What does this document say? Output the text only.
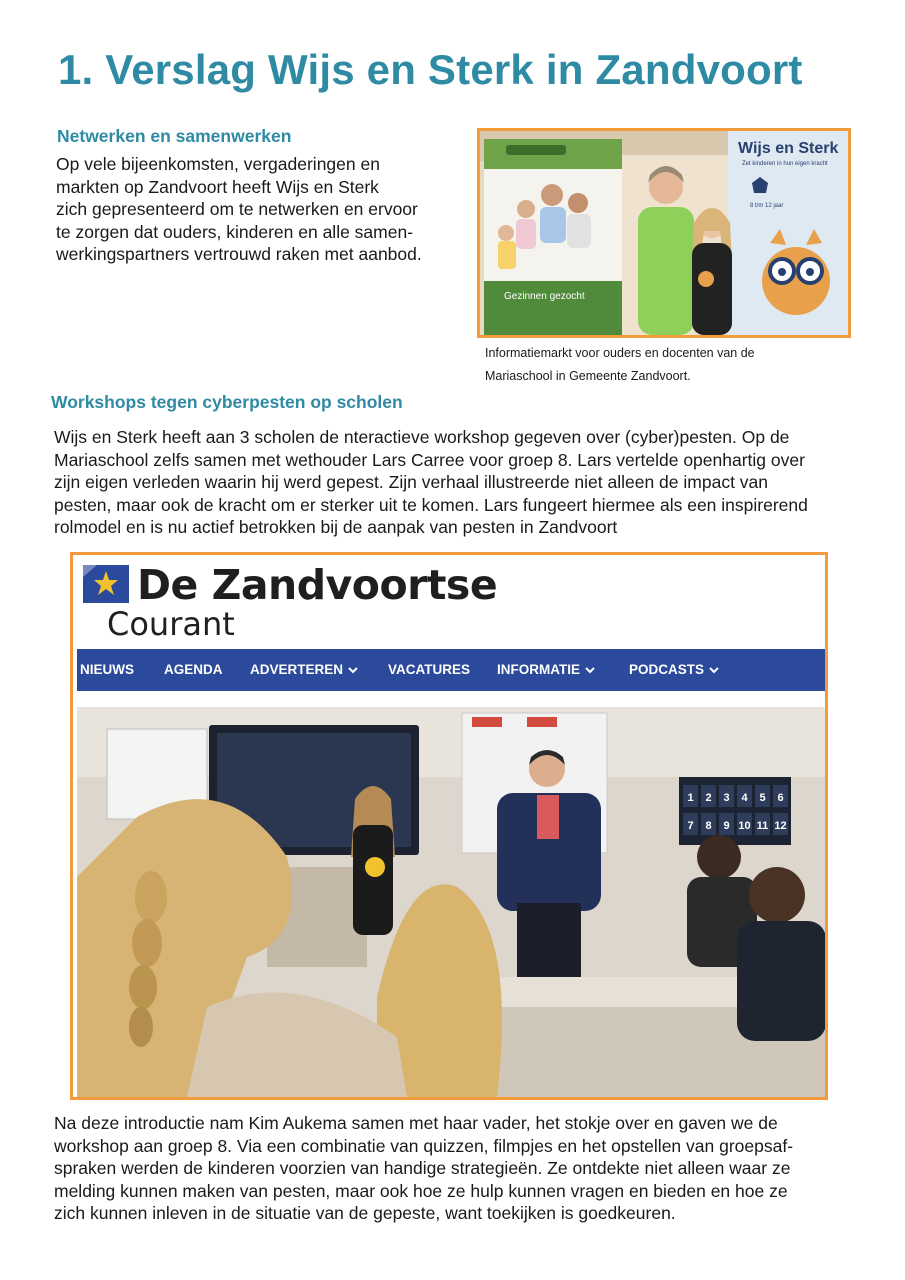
1. Verslag Wijs en Sterk in Zandvoort
Netwerken en samenwerken
Op vele bijeenkomsten, vergaderingen en
markten op Zandvoort heeft Wijs en Sterk
zich gepresenteerd om te netwerken en ervoor
te zorgen dat ouders, kinderen en alle samen-
werkingspartners vertrouwd raken met aanbod.
Gezinnen gezocht
Wijs en Sterk
Zet kinderen in hun eigen kracht
8 t/m 12 jaar
Informatiemarkt voor ouders en docenten van de
Mariaschool in Gemeente Zandvoort.
Workshops tegen cyberpesten op scholen
Wijs en Sterk heeft aan 3 scholen de nteractieve workshop gegeven over (cyber)pesten. Op de
Mariaschool zelfs samen met wethouder Lars Carree voor groep 8. Lars vertelde openhartig over
zijn eigen verleden waarin hij werd gepest. Zijn verhaal illustreerde niet alleen de impact van
pesten, maar ook de kracht om er sterker uit te komen. Lars fungeert hiermee als een inspirerend
rolmodel en is nu actief betrokken bij de aanpak van pesten in Zandvoort
De Zandvoortse
Courant
NIEUWS AGENDA ADVERTEREN	VACATURES INFORMATIE	PODCASTS
1 2 3 4 5 6
7 8 9 10 11 12
Na deze introductie nam Kim Aukema samen met haar vader, het stokje over en gaven we de
workshop aan groep 8. Via een combinatie van quizzen, filmpjes en het opstellen van groepsaf-
spraken werden de kinderen voorzien van handige strategieën. Ze ontdekte niet alleen waar ze
melding kunnen maken van pesten, maar ook hoe ze hulp kunnen vragen en bieden en hoe ze
zich kunnen inleven in de situatie van de gepeste, want toekijken is goedkeuren.
